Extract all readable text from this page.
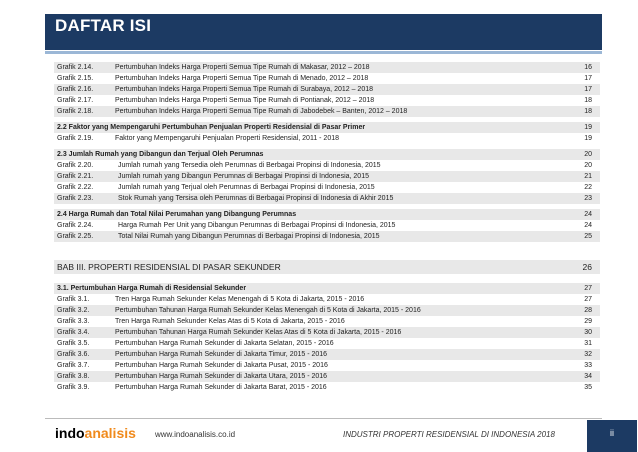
DAFTAR ISI
Grafik 2.14.	Pertumbuhan Indeks Harga Properti Semua Tipe Rumah di Makasar, 2012 – 2018	16
Grafik 2.15.	Pertumbuhan Indeks Harga Properti Semua Tipe Rumah di Menado, 2012 – 2018	17
Grafik 2.16.	Pertumbuhan Indeks Harga Properti Semua Tipe Rumah di Surabaya, 2012 – 2018	17
Grafik 2.17.	Pertumbuhan Indeks Harga Properti Semua Tipe Rumah di Pontianak, 2012 – 2018	18
Grafik 2.18.	Pertumbuhan Indeks Harga Properti Semua Tipe Rumah di Jabodebek – Banten, 2012 – 2018	18
2.2 Faktor yang Mempengaruhi Pertumbuhan Penjualan Properti Residensial di Pasar Primer	19
Grafik 2.19.	Faktor yang Mempengaruhi Penjualan Properti Residensial, 2011 - 2018	19
2.3 Jumlah Rumah yang Dibangun dan Terjual Oleh Perumnas	20
Grafik 2.20.	Jumlah rumah yang Tersedia oleh Perumnas di Berbagai Propinsi di Indonesia, 2015	20
Grafik 2.21.	Jumlah rumah yang Dibangun Perumnas di Berbagai Propinsi di Indonesia, 2015	21
Grafik 2.22.	Jumlah rumah yang Terjual oleh Perumnas di Berbagai Propinsi di Indonesia, 2015	22
Grafik 2.23.	Stok Rumah yang Tersisa oleh Perumnas di Berbagai Propinsi di Indonesia di Akhir 2015	23
2.4 Harga Rumah dan Total Nilai Perumahan yang Dibangung Perumnas	24
Grafik 2.24.	Harga Rumah Per Unit yang Dibangun Perumnas di Berbagai Propinsi di Indonesia, 2015	24
Grafik 2.25.	Total Nilai Rumah yang Dibangun Perumnas di Berbagai Propinsi di Indonesia, 2015	25
BAB III. PROPERTI RESIDENSIAL DI PASAR SEKUNDER	26
3.1. Pertumbuhan Harga Rumah di Residensial Sekunder	27
Grafik 3.1.	Tren Harga Rumah Sekunder Kelas Menengah di 5 Kota di Jakarta, 2015 - 2016	27
Grafik 3.2.	Pertumbuhan Tahunan Harga Rumah Sekunder Kelas Menengah di 5 Kota di Jakarta, 2015 - 2016	28
Grafik 3.3.	Tren Harga Rumah Sekunder Kelas Atas di 5 Kota di Jakarta, 2015 - 2016	29
Grafik 3.4.	Pertumbuhan Tahunan Harga Rumah Sekunder Kelas Atas di 5 Kota di Jakarta, 2015 - 2016	30
Grafik 3.5.	Pertumbuhan Harga Rumah Sekunder di Jakarta Selatan, 2015 - 2016	31
Grafik 3.6.	Pertumbuhan Harga Rumah Sekunder di Jakarta Timur, 2015 - 2016	32
Grafik 3.7.	Pertumbuhan Harga Rumah Sekunder di Jakarta Pusat, 2015 - 2016	33
Grafik 3.8.	Pertumbuhan Harga Rumah Sekunder di Jakarta Utara, 2015 - 2016	34
Grafik 3.9.	Pertumbuhan Harga Rumah Sekunder di Jakarta Barat, 2015 - 2016	35
indoanalisis www.indoanalisis.co.id	INDUSTRI PROPERTI RESIDENSIAL DI INDONESIA 2018	ii
